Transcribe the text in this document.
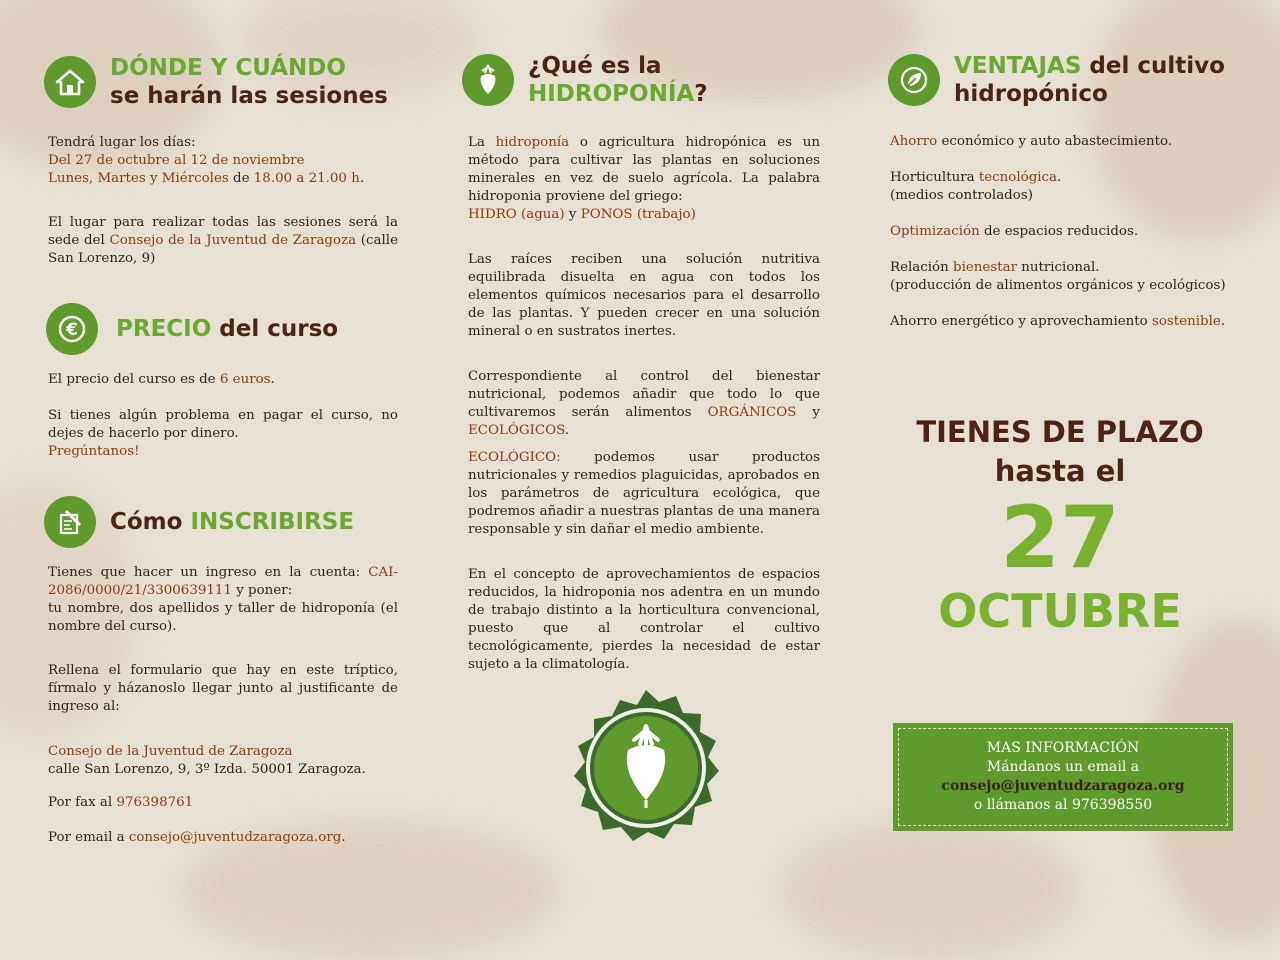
DÓNDE Y CUÁNDO
se harán las sesiones

Tendrá lugar los días:

Del 27 de octubre al 12 de noviembre

Lunes, Martes y Miércoles de 18.00 a 21.00 h.

El lugar para realizar todas las sesiones será la sede del Consejo de la Juventud de Zaragoza (calle San Lorenzo, 9)

€ PRECIO del curso

El precio del curso es de 6 euros.

Si tienes algún problema en pagar el curso, no dejes de hacerlo por dinero.

Pregúntanos!

Cómo INSCRIBIRSE

Tienes que hacer un ingreso en la cuenta: CAI-2086/0000/21/3300639111 y poner:

tu nombre, dos apellidos y taller de hidroponía (el nombre del curso).

Rellena el formulario que hay en este tríptico, fírmalo y házanoslo llegar junto al justificante de ingreso al:

Consejo de la Juventud de Zaragoza

calle San Lorenzo, 9, 3º Izda. 50001 Zaragoza.

Por fax al 976398761

Por email a consejo@juventudzaragoza.org.

¿Qué es la
HIDROPONÍA?

La hidroponía o agricultura hidropónica es un método para cultivar las plantas en soluciones minerales en vez de suelo agrícola. La palabra hidroponia proviene del griego:

HIDRO (agua) y PONOS (trabajo)

Las raíces reciben una solución nutritiva equilibrada disuelta en agua con todos los elementos químicos necesarios para el desarrollo de las plantas. Y pueden crecer en una solución mineral o en sustratos inertes.

Correspondiente al control del bienestar nutricional, podemos añadir que todo lo que cultivaremos serán alimentos ORGÁNICOS y ECOLÓGICOS.

ECOLÓGICO: podemos usar productos nutricionales y remedios plaguicidas, aprobados en los parámetros de agricultura ecológica, que podremos añadir a nuestras plantas de una manera responsable y sin dañar el medio ambiente.

En el concepto de aprovechamientos de espacios reducidos, la hidroponia nos adentra en un mundo de trabajo distinto a la horticultura convencional, puesto que al controlar el cultivo tecnológicamente, pierdes la necesidad de estar sujeto a la climatología.

VENTAJAS del cultivo
hidropónico

Ahorro económico y auto abastecimiento.

Horticultura tecnológica.

(medios controlados)

Optimización de espacios reducidos.

Relación bienestar nutricional.

(producción de alimentos orgánicos y ecológicos)

Ahorro energético y aprovechamiento sostenible.

TIENES DE PLAZO
hasta el
27
OCTUBRE
MAS INFORMACIÓN
Mándanos un email a
consejo@juventudzaragoza.org
o llámanos al 976398550
